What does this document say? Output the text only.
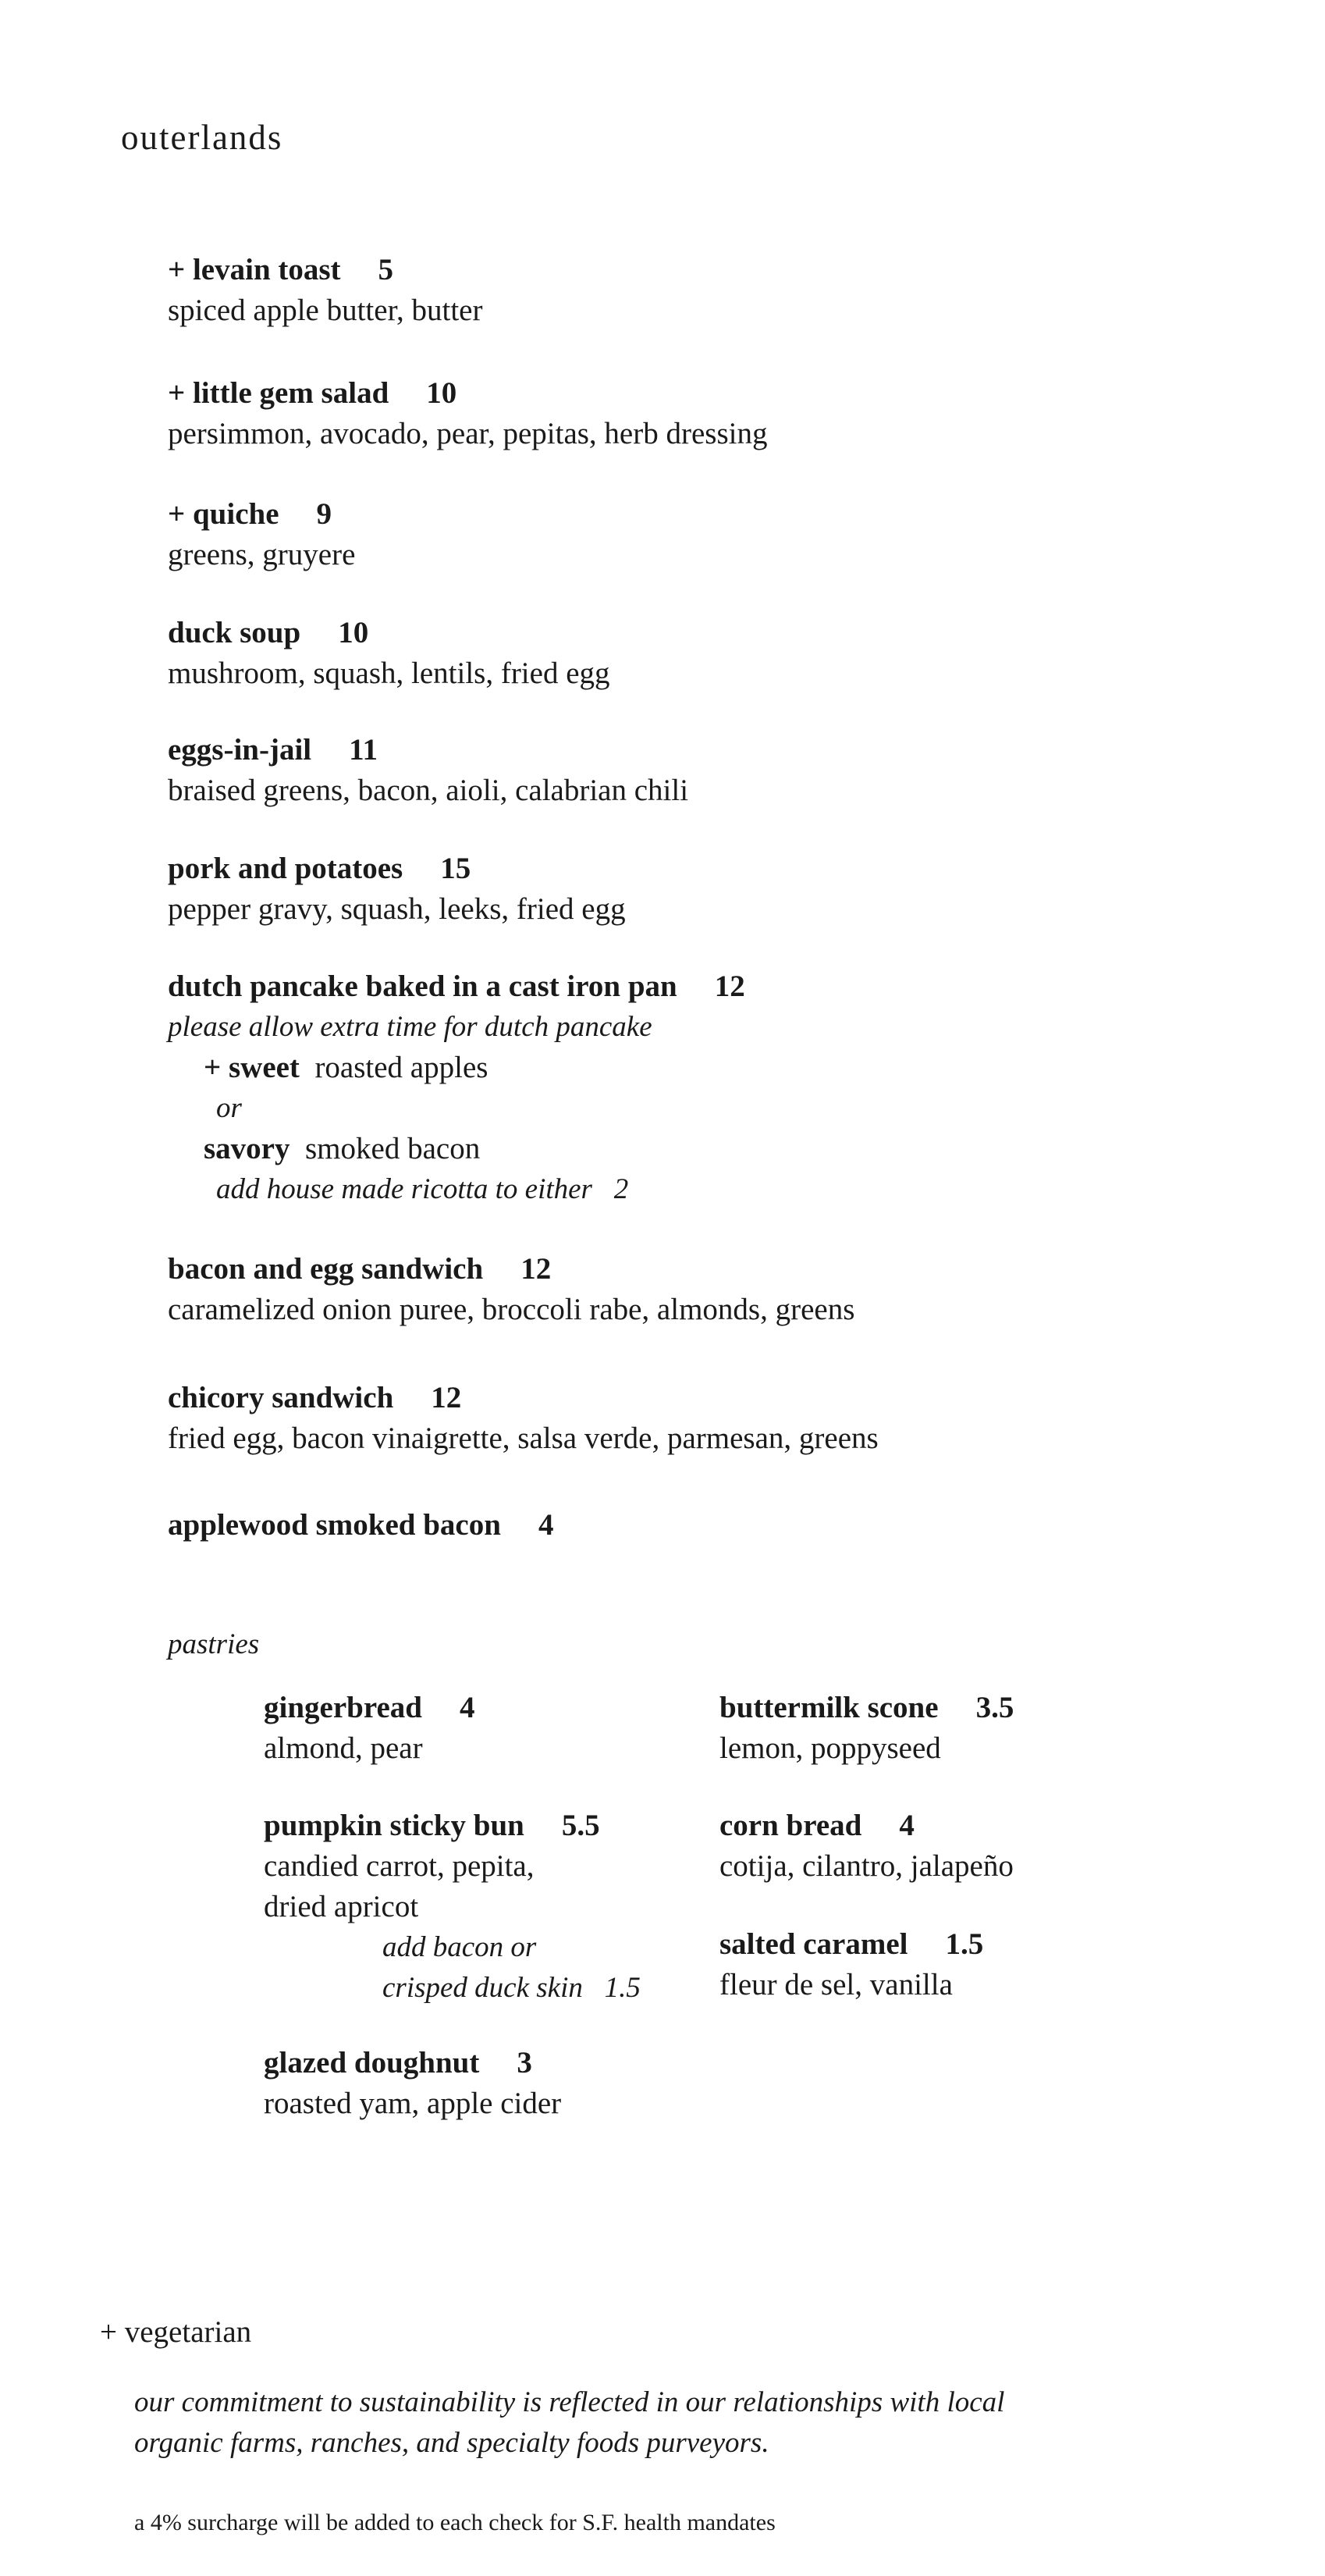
outerlands
+ levain toast 5
spiced apple butter, butter
+ little gem salad 10
persimmon, avocado, pear, pepitas, herb dressing
+ quiche 9
greens, gruyere
duck soup 10
mushroom, squash, lentils, fried egg
eggs-in-jail 11
braised greens, bacon, aioli, calabrian chili
pork and potatoes 15
pepper gravy, squash, leeks, fried egg
dutch pancake baked in a cast iron pan 12
please allow extra time for dutch pancake
+ sweet roasted apples
or
savory smoked bacon
add house made ricotta to either 2
bacon and egg sandwich 12
caramelized onion puree, broccoli rabe, almonds, greens
chicory sandwich 12
fried egg, bacon vinaigrette, salsa verde, parmesan, greens
applewood smoked bacon 4
pastries
gingerbread 4
almond, pear
pumpkin sticky bun 5.5
candied carrot, pepita,
dried apricot
add bacon or
crisped duck skin 1.5
glazed doughnut 3
roasted yam, apple cider
buttermilk scone 3.5
lemon, poppyseed
corn bread 4
cotija, cilantro, jalapeño
salted caramel 1.5
fleur de sel, vanilla
+ vegetarian
our commitment to sustainability is reflected in our relationships with local
organic farms, ranches, and specialty foods purveyors.
a 4% surcharge will be added to each check for S.F. health mandates
